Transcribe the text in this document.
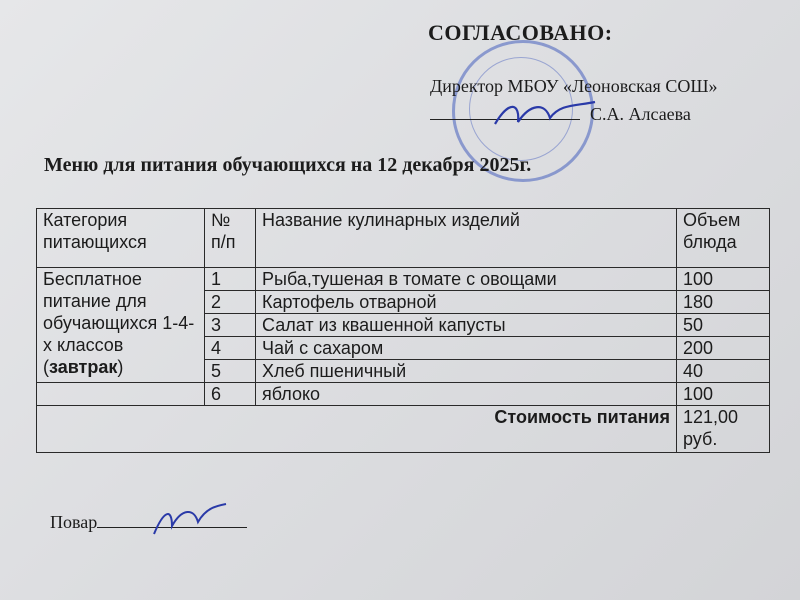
СОГЛАСОВАНО:
Директор МБОУ «Леоновская СОШ»
С.А. Алсаева
Меню для питания обучающихся на 12 декабря 2025г.
Категория питающихся	№ п/п	Название кулинарных изделий	Объем блюда
Бесплатное питание для обучающихся 1-4-х классов (завтрак)	1	Рыба,тушеная в томате с овощами	100
	2	Картофель отварной	180
	3	Салат из квашенной капусты	50
	4	Чай с сахаром	200
	5	Хлеб пшеничный	40
	6	яблоко	100
Стоимость питания			121,00 руб.
Повар
